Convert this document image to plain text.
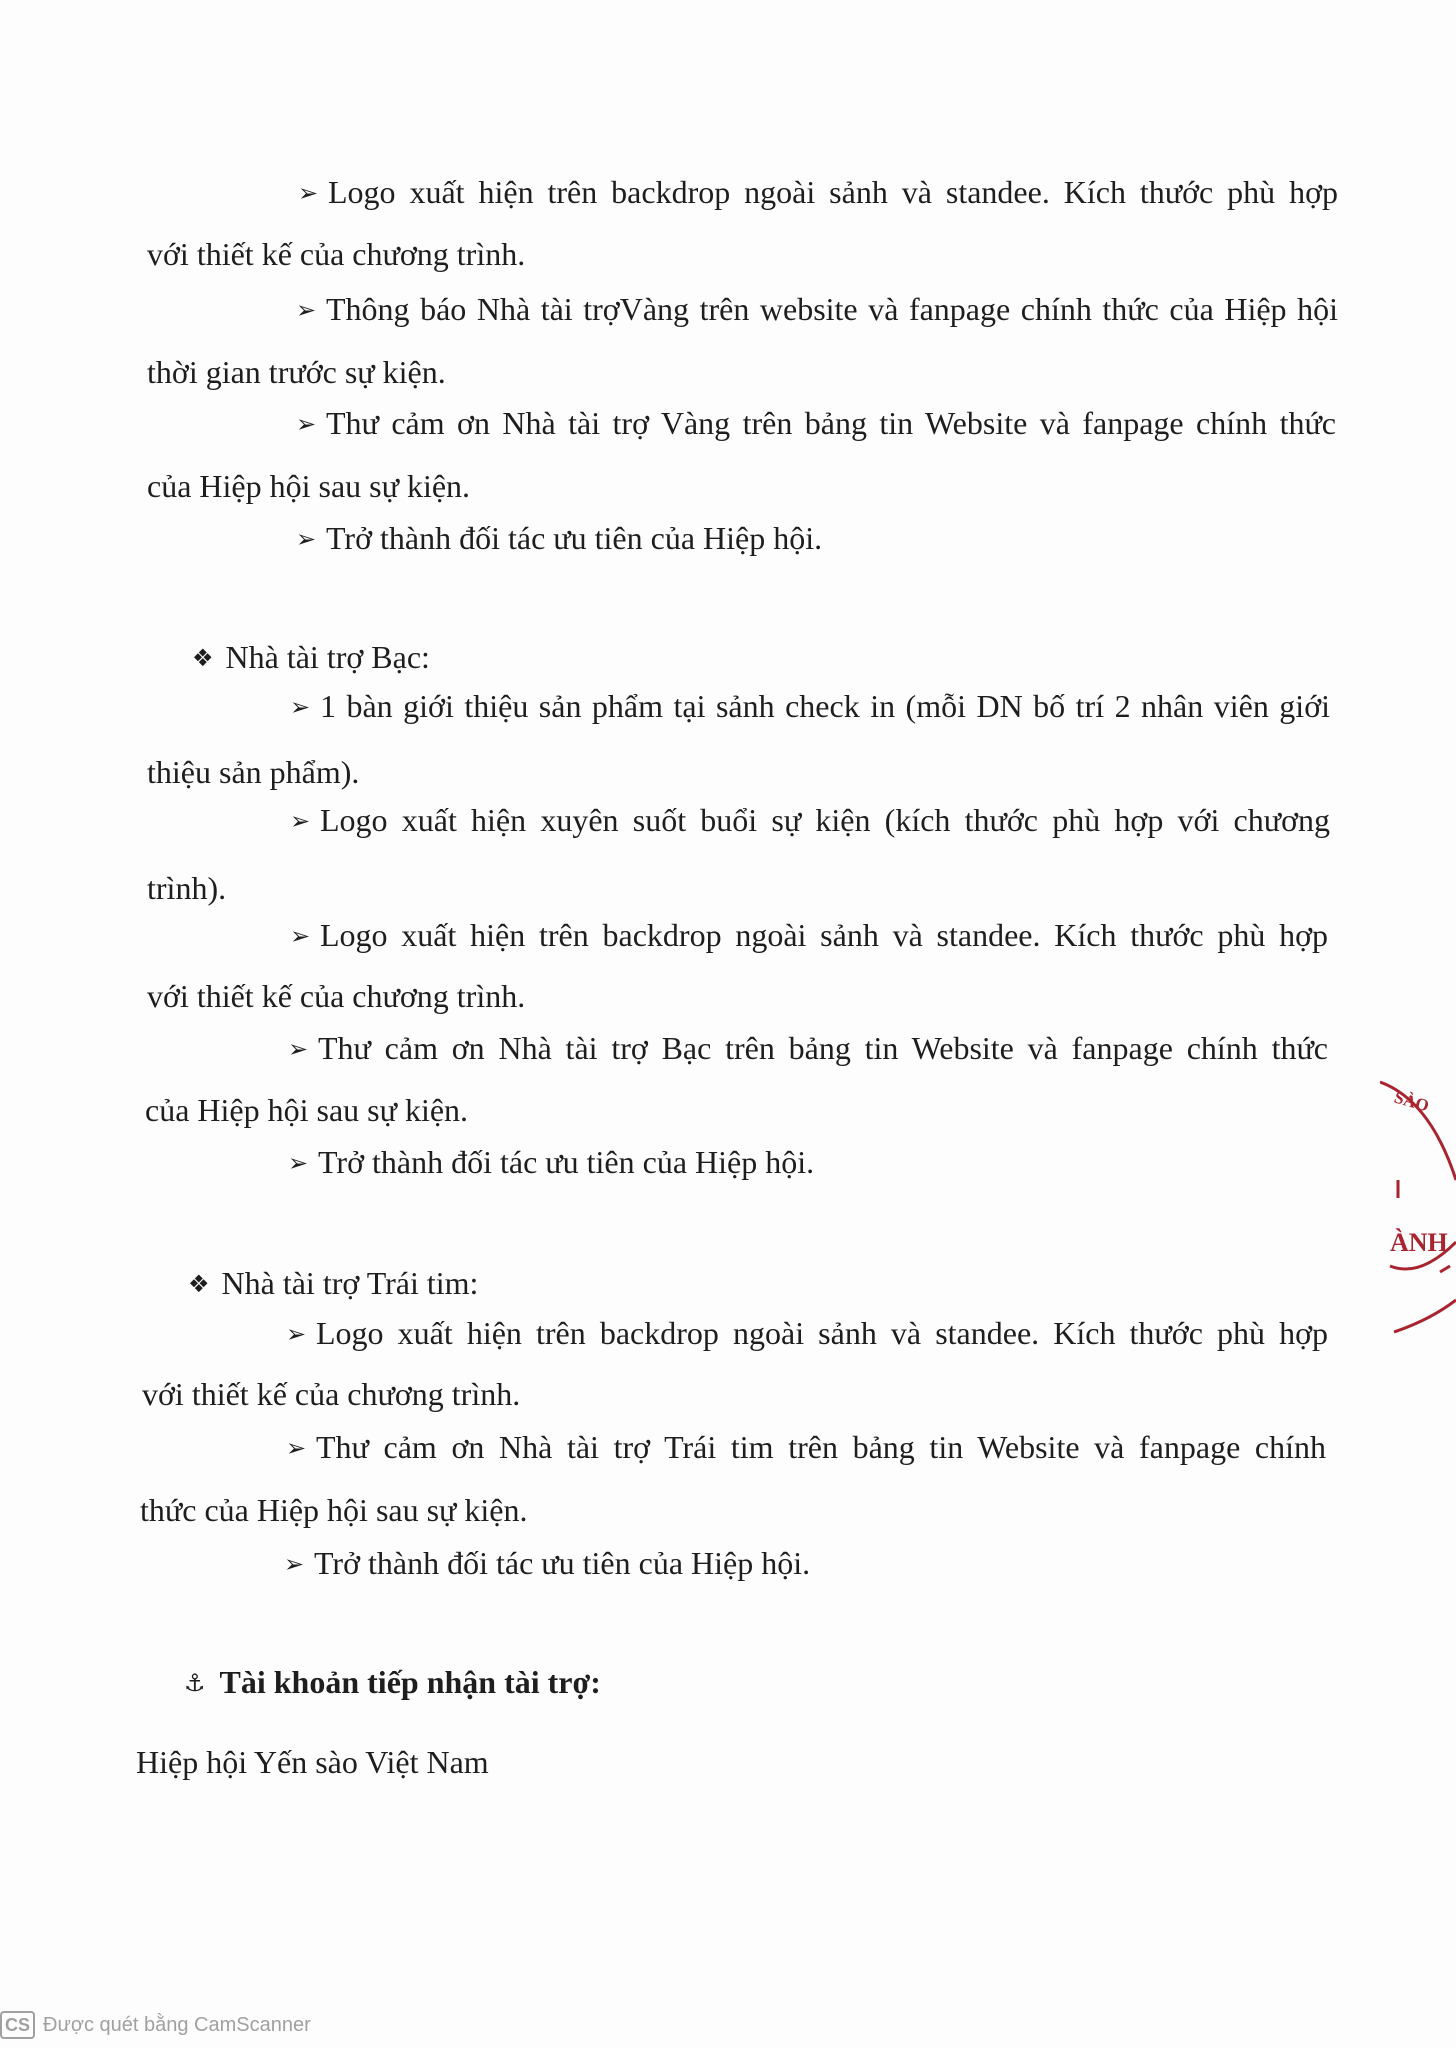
➢ Logo xuất hiện trên backdrop ngoài sảnh và standee. Kích thước phù hợp
với thiết kế của chương trình.
➢ Thông báo Nhà tài trợVàng trên website và fanpage chính thức của Hiệp hội
thời gian trước sự kiện.
➢ Thư cảm ơn Nhà tài trợ Vàng trên bảng tin Website và fanpage chính thức
của Hiệp hội sau sự kiện.
➢ Trở thành đối tác ưu tiên của Hiệp hội.
❖ Nhà tài trợ Bạc:
➢ 1 bàn giới thiệu sản phẩm tại sảnh check in (mỗi DN bố trí 2 nhân viên giới
thiệu sản phẩm).
➢ Logo xuất hiện xuyên suốt buổi sự kiện (kích thước phù hợp với chương
trình).
➢ Logo xuất hiện trên backdrop ngoài sảnh và standee. Kích thước phù hợp
với thiết kế của chương trình.
➢ Thư cảm ơn Nhà tài trợ Bạc trên bảng tin Website và fanpage chính thức
của Hiệp hội sau sự kiện.
➢ Trở thành đối tác ưu tiên của Hiệp hội.
❖ Nhà tài trợ Trái tim:
➢ Logo xuất hiện trên backdrop ngoài sảnh và standee. Kích thước phù hợp
với thiết kế của chương trình.
➢ Thư cảm ơn Nhà tài trợ Trái tim trên bảng tin Website và fanpage chính
thức của Hiệp hội sau sự kiện.
➢ Trở thành đối tác ưu tiên của Hiệp hội.
⚓ Tài khoản tiếp nhận tài trợ:
Hiệp hội Yến sào Việt Nam
SÀO
ÀNH
CS Được quét bằng CamScanner
